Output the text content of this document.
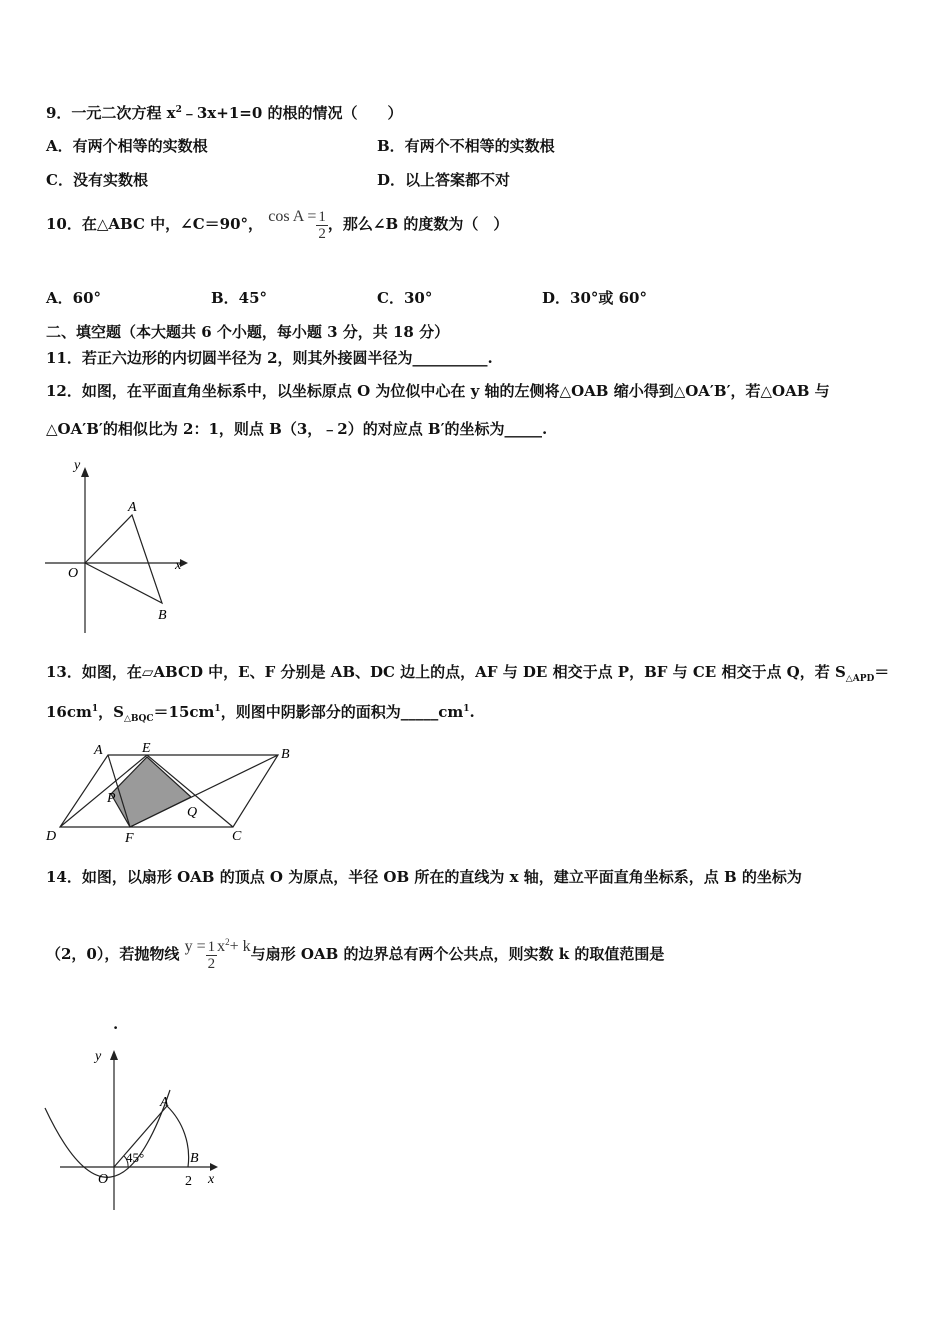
9．一元二次方程 $x^2﹣3x+1=0$ 的根的情况（　　）
A．有两个相等的实数根	B．有两个不相等的实数根
C．没有实数根	D．以上答案都不对
10．在△ABC 中，∠C＝90°， $\cos A = \frac{1}{2}$ ，那么∠B 的度数为（　）
A．60°	B．45°	C．30°	D．30°或 60°
二、填空题（本大题共 6 个小题，每小题 3 分，共 18 分）
11．若正六边形的内切圆半径为 2，则其外接圆半径为__________.
12．如图，在平面直角坐标系中，以坐标原点 O 为位似中心在 y 轴的左侧将△OAB 缩小得到△OA′B′，若△OAB 与
△OA′B′的相似比为 2：1，则点 B（3，﹣2）的对应点 B′的坐标为_____.
y
x
O
A
B
13．如图，在▱ABCD 中，E、F 分别是 AB、DC 边上的点，AF 与 DE 相交于点 P，BF 与 CE 相交于点 Q，若 $S_{\triangle APD}=$
$16cm^1$，$S_{\triangle BQC}=15cm^1$，则图中阴影部分的面积为$\_\_\_\_\_cm^1$.
A	E	B
P
Q
D	F	C
14．如图，以扇形 OAB 的顶点 O 为原点，半径 OB 所在的直线为 x 轴，建立平面直角坐标系，点 B 的坐标为
（2，0），若抛物线 $y = \frac{1}{2} x^2+ k$与扇形 OAB 的边界总有两个公共点，则实数 k 的取值范围是
.
y
x
O
A
B
45°
2
